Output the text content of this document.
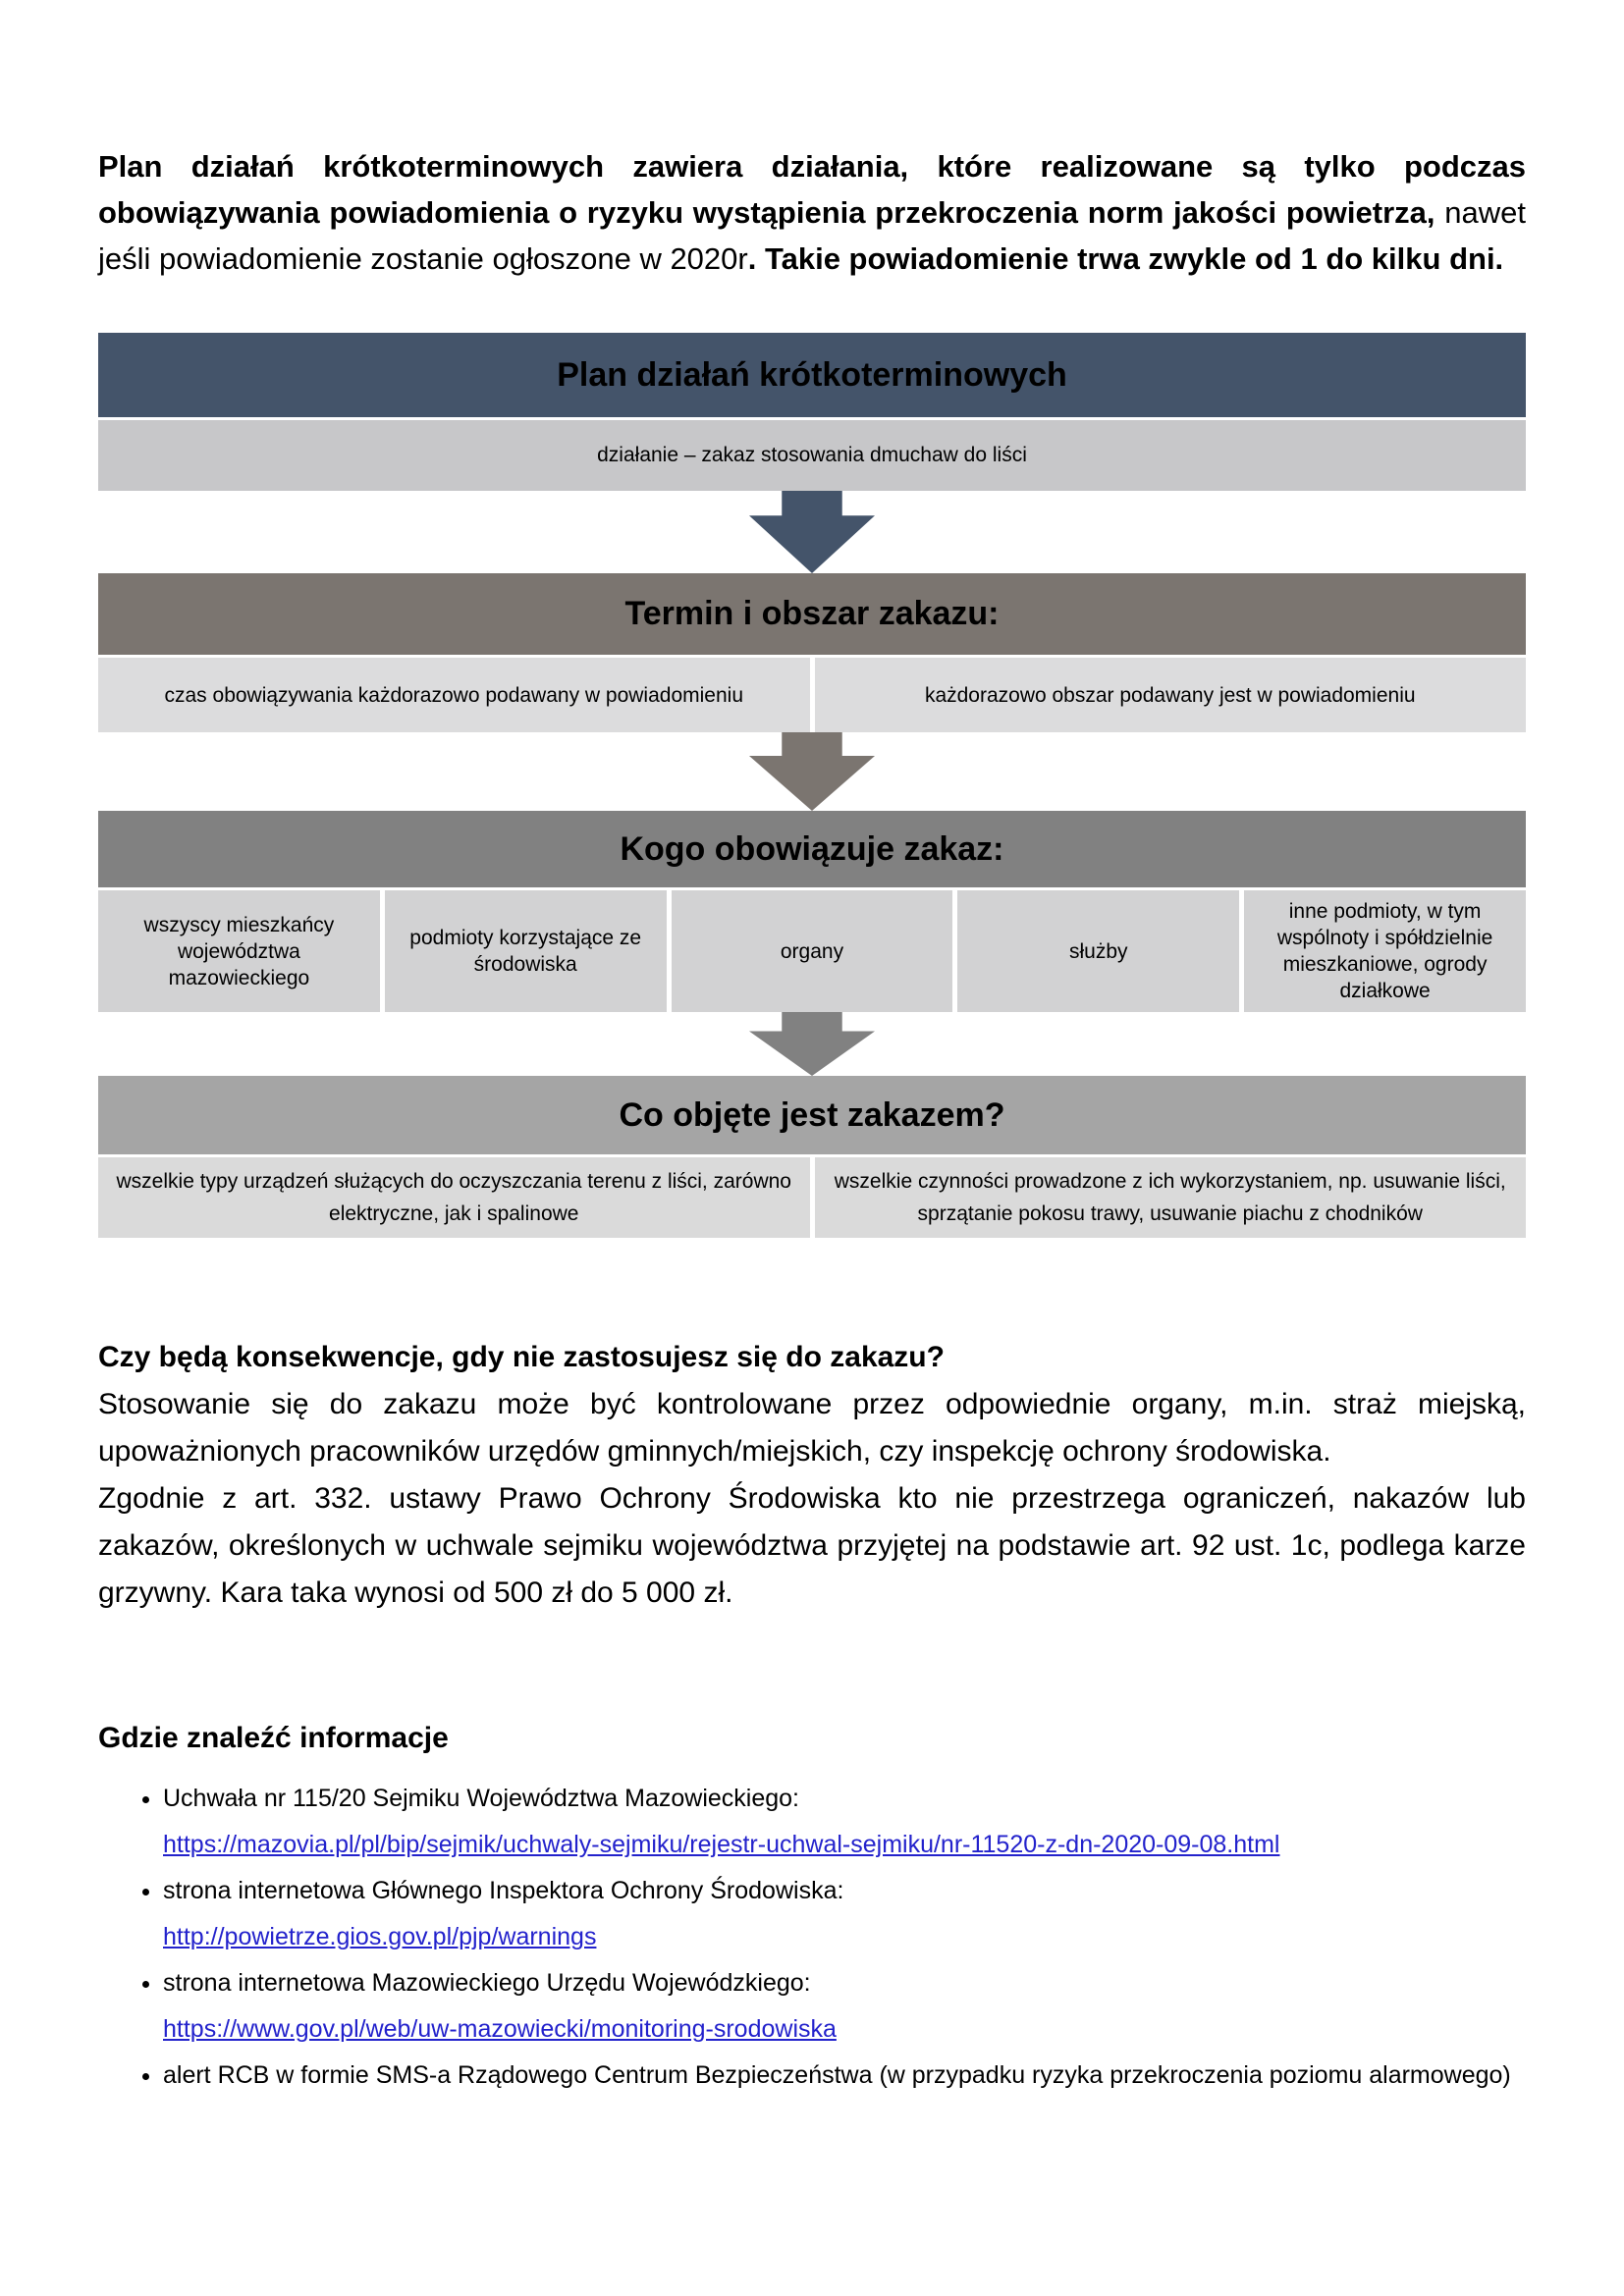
Plan działań krótkoterminowych zawiera działania, które realizowane są tylko podczas obowiązywania powiadomienia o ryzyku wystąpienia przekroczenia norm jakości powietrza, nawet jeśli powiadomienie zostanie ogłoszone w 2020r. Takie powiadomienie trwa zwykle od 1 do kilku dni.

Plan działań krótkoterminowych
działanie – zakaz stosowania dmuchaw do liści
Termin i obszar zakazu:
czas obowiązywania każdorazowo podawany w powiadomieniu	każdorazowo obszar podawany jest w powiadomieniu
Kogo obowiązuje zakaz:
wszyscy mieszkańcy województwa mazowieckiego
podmioty korzystające ze środowiska
organy	służby
inne podmioty, w tym wspólnoty i spółdzielnie mieszkaniowe, ogrody działkowe
Co objęte jest zakazem?
wszelkie typy urządzeń służących do oczyszczania terenu z liści, zarówno elektryczne, jak i spalinowe
wszelkie czynności prowadzone z ich wykorzystaniem, np. usuwanie liści, sprzątanie pokosu trawy, usuwanie piachu z chodników
Czy będą konsekwencje, gdy nie zastosujesz się do zakazu?

Stosowanie się do zakazu może być kontrolowane przez odpowiednie organy, m.in. straż miejską, upoważnionych pracowników urzędów gminnych/miejskich, czy inspekcję ochrony środowiska.

Zgodnie z art. 332. ustawy Prawo Ochrony Środowiska kto nie przestrzega ograniczeń, nakazów lub zakazów, określonych w uchwale sejmiku województwa przyjętej na podstawie art. 92 ust. 1c, podlega karze grzywny. Kara taka wynosi od 500 zł do 5 000 zł.

Gdzie znaleźć informacje
• Uchwała nr 115/20 Sejmiku Województwa Mazowieckiego:
https://mazovia.pl/pl/bip/sejmik/uchwaly-sejmiku/rejestr-uchwal-sejmiku/nr-11520-z-dn-2020-09-08.html
• strona internetowa Głównego Inspektora Ochrony Środowiska:
http://powietrze.gios.gov.pl/pjp/warnings
• strona internetowa Mazowieckiego Urzędu Wojewódzkiego:
https://www.gov.pl/web/uw-mazowiecki/monitoring-srodowiska
• alert RCB w formie SMS-a Rządowego Centrum Bezpieczeństwa (w przypadku ryzyka przekroczenia poziomu alarmowego)
